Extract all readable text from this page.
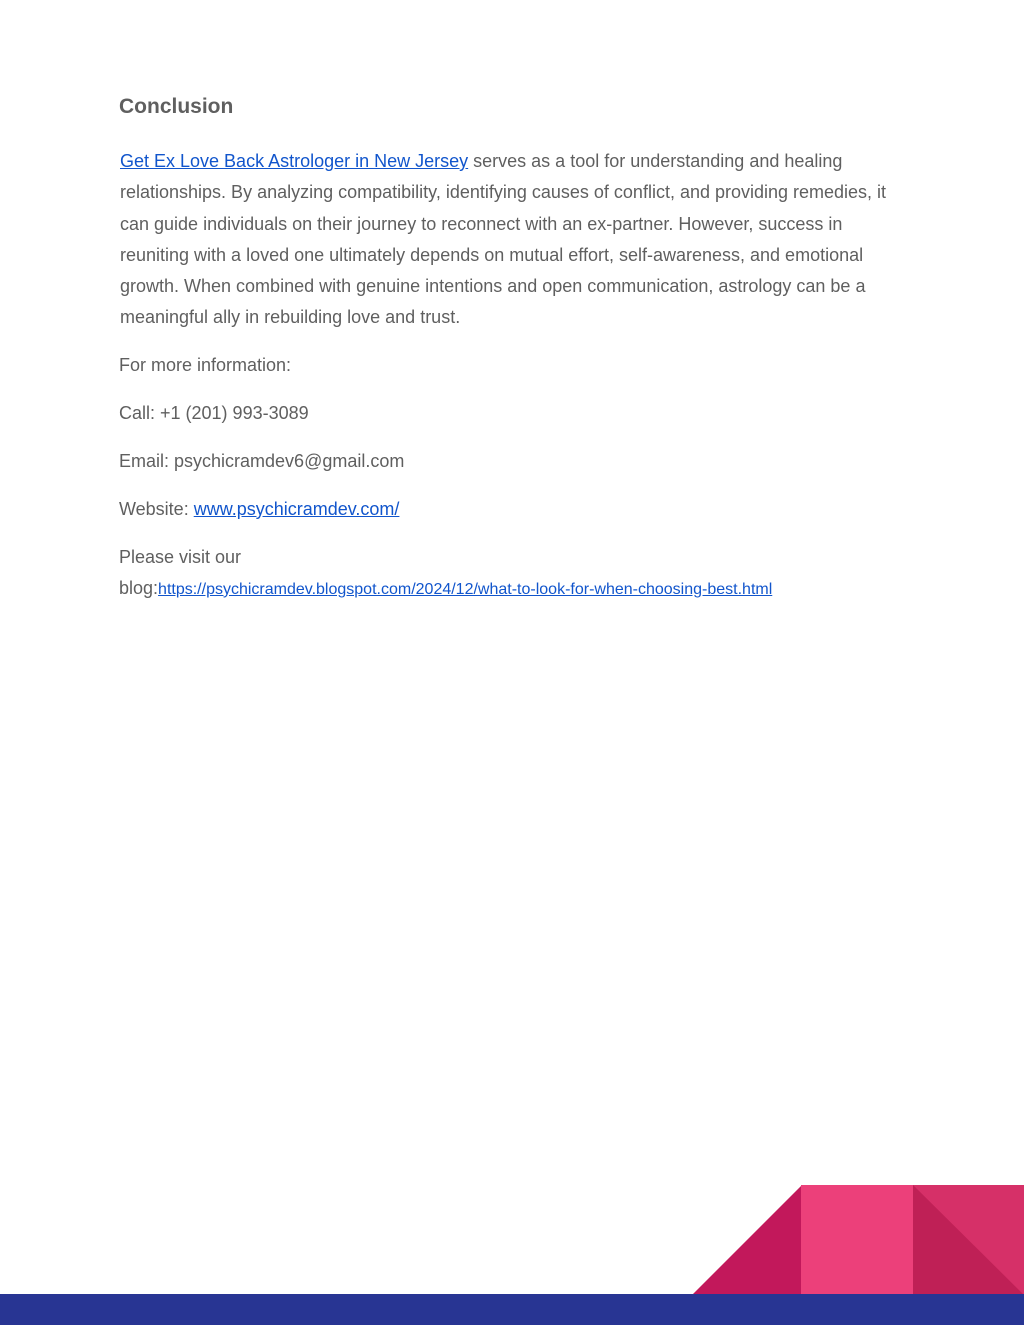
Conclusion

Get Ex Love Back Astrologer in New Jersey serves as a tool for understanding and healing relationships. By analyzing compatibility, identifying causes of conflict, and providing remedies, it can guide individuals on their journey to reconnect with an ex-partner. However, success in reuniting with a loved one ultimately depends on mutual effort, self-awareness, and emotional growth. When combined with genuine intentions and open communication, astrology can be a meaningful ally in rebuilding love and trust.

For more information:
Call: +1 (201) 993-3089
Email: psychicramdev6@gmail.com
Website: www.psychicramdev.com/
Please visit our
blog:https://psychicramdev.blogspot.com/2024/12/what-to-look-for-when-choosing-best.html
